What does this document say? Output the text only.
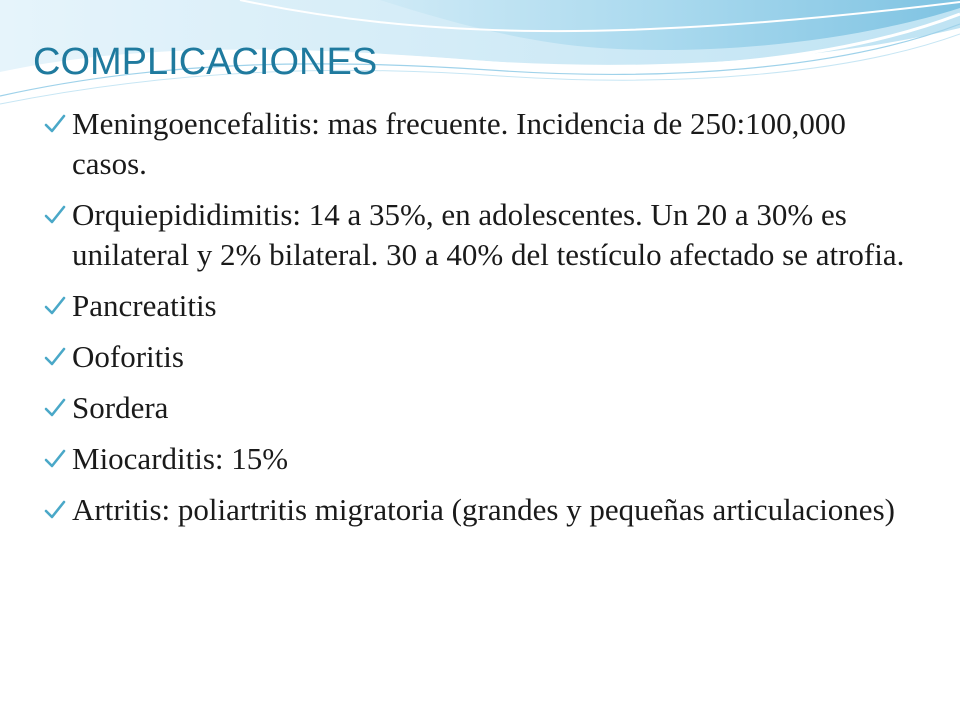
COMPLICACIONES
Meningoencefalitis: mas frecuente. Incidencia de 250:100,000 casos.
Orquiepididimitis: 14 a 35%, en adolescentes. Un 20 a 30% es unilateral y 2% bilateral. 30 a 40% del testículo afectado se atrofia.
Pancreatitis
Ooforitis
Sordera
Miocarditis: 15%
Artritis: poliartritis migratoria (grandes y pequeñas articulaciones)
